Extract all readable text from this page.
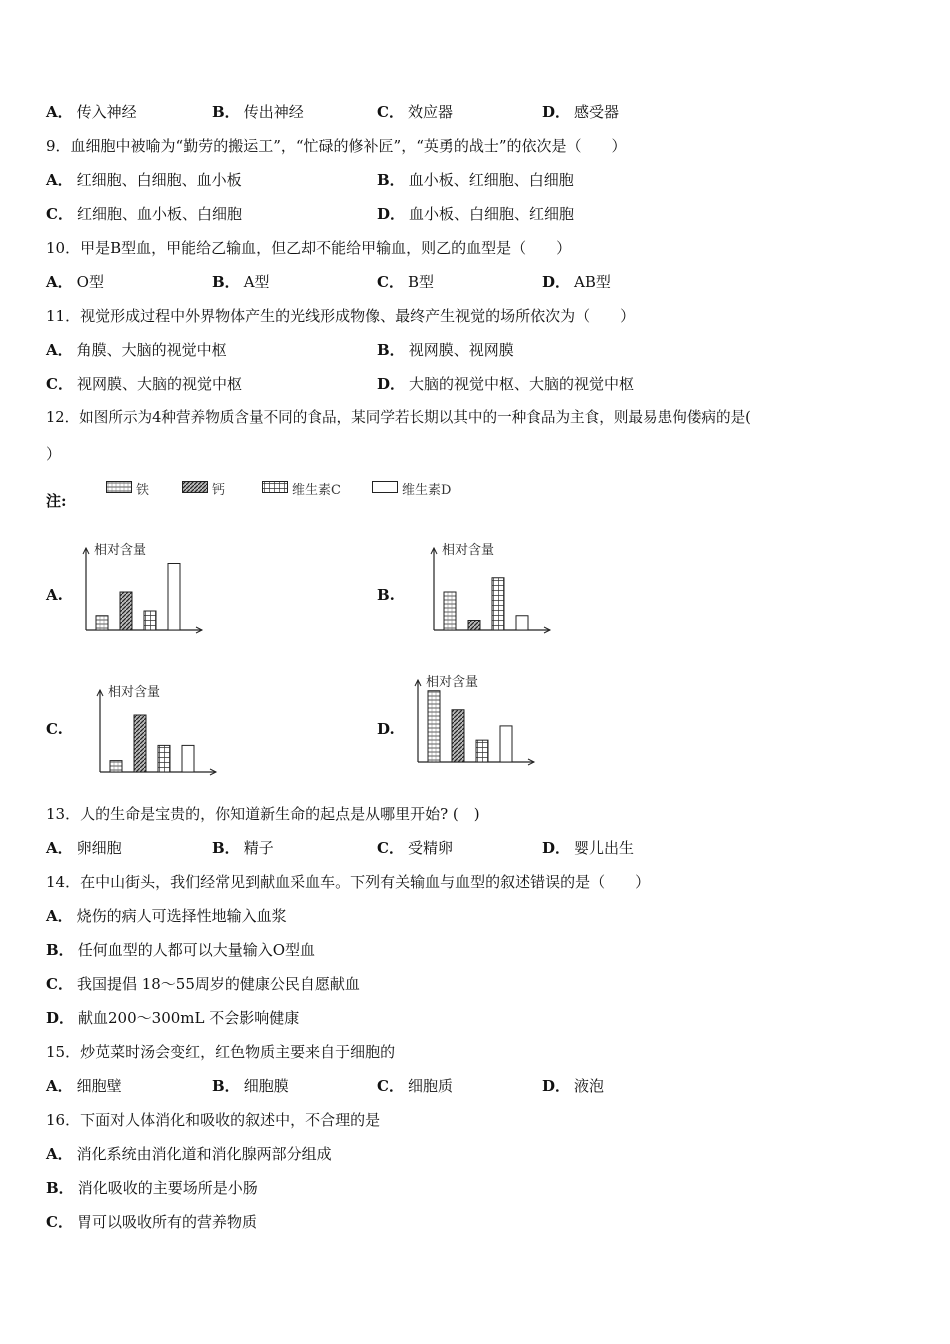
A． 传入神经	B． 传出神经	C． 效应器	D． 感受器
9．血细胞中被喻为“勤劳的搬运工”，“忙碌的修补匠”，“英勇的战士”的依次是（　　）
A． 红细胞、白细胞、血小板	B． 血小板、红细胞、白细胞
C． 红细胞、血小板、白细胞	D． 血小板、白细胞、红细胞
10．甲是B型血，甲能给乙输血，但乙却不能给甲输血，则乙的血型是（　　）
A． O型	B． A型	C． B型	D． AB型
11．视觉形成过程中外界物体产生的光线形成物像、最终产生视觉的场所依次为（　　）
A． 角膜、大脑的视觉中枢	B． 视网膜、视网膜
C． 视网膜、大脑的视觉中枢	D． 大脑的视觉中枢、大脑的视觉中枢
12．如图所示为4种营养物质含量不同的食品，某同学若长期以其中的一种食品为主食，则最易患佝偻病的是(
）
注:
铁	钙	维生素C	维生素D
A.
相对含量
B.
相对含量
C.
相对含量
D.
相对含量
13．人的生命是宝贵的，你知道新生命的起点是从哪里开始? (　)
A． 卵细胞	B． 精子	C． 受精卵	D． 婴儿出生
14．在中山街头，我们经常见到献血采血车。下列有关输血与血型的叙述错误的是（　　）
A． 烧伤的病人可选择性地输入血浆
B． 任何血型的人都可以大量输入O型血
C． 我国提倡 18～55周岁的健康公民自愿献血
D． 献血200～300mL 不会影响健康
15．炒苋菜时汤会变红，红色物质主要来自于细胞的
A． 细胞壁	B． 细胞膜	C． 细胞质	D． 液泡
16．下面对人体消化和吸收的叙述中，不合理的是
A． 消化系统由消化道和消化腺两部分组成
B． 消化吸收的主要场所是小肠
C． 胃可以吸收所有的营养物质
